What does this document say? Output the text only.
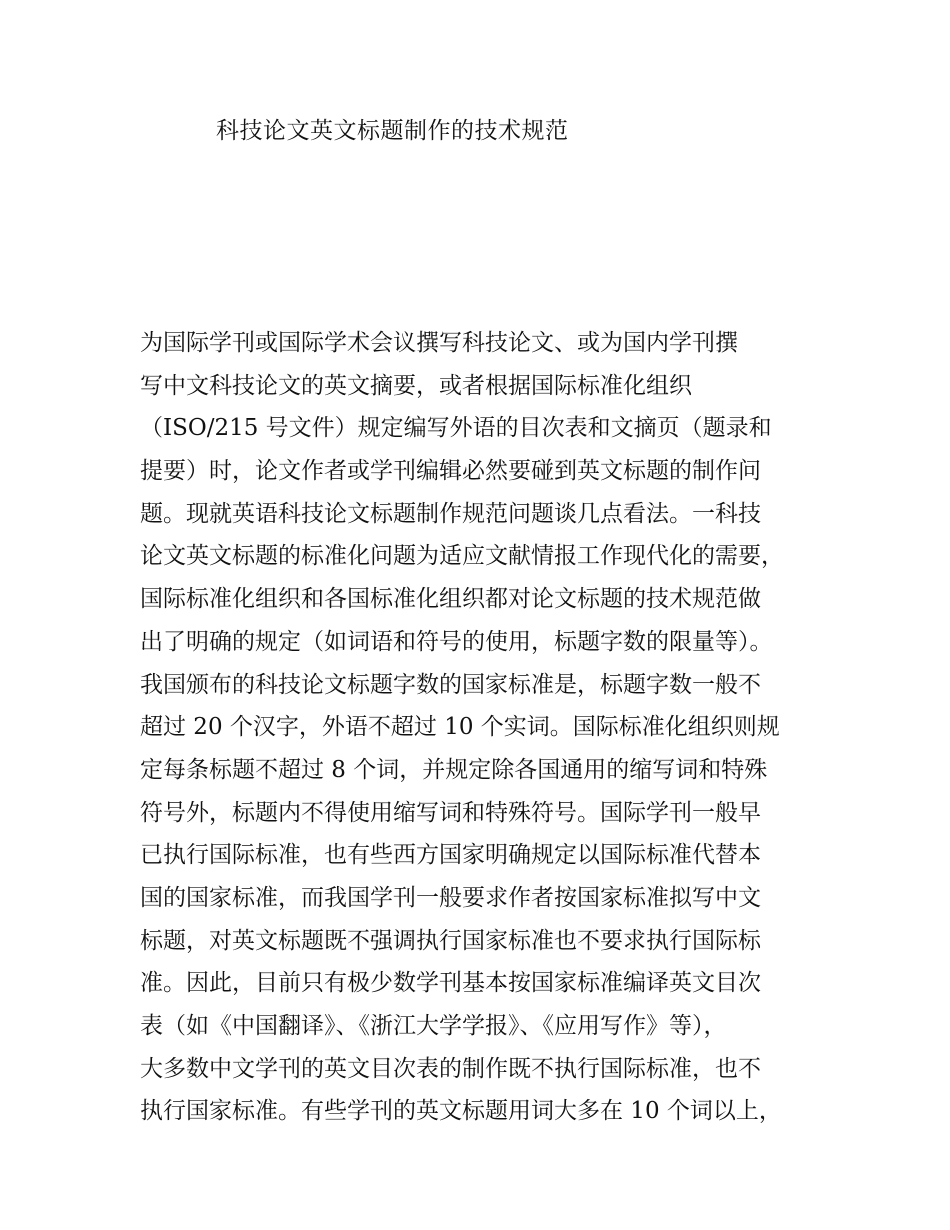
科技论文英文标题制作的技术规范
为国际学刊或国际学术会议撰写科技论文、或为国内学刊撰
写中文科技论文的英文摘要，或者根据国际标准化组织
（ISO/215 号文件）规定编写外语的目次表和文摘页（题录和
提要）时，论文作者或学刊编辑必然要碰到英文标题的制作问
题。现就英语科技论文标题制作规范问题谈几点看法。一科技
论文英文标题的标准化问题为适应文献情报工作现代化的需要，
国际标准化组织和各国标准化组织都对论文标题的技术规范做
出了明确的规定（如词语和符号的使用，标题字数的限量等）。
我国颁布的科技论文标题字数的国家标准是，标题字数一般不
超过 20 个汉字，外语不超过 10 个实词。国际标准化组织则规
定每条标题不超过 8 个词，并规定除各国通用的缩写词和特殊
符号外，标题内不得使用缩写词和特殊符号。国际学刊一般早
已执行国际标准，也有些西方国家明确规定以国际标准代替本
国的国家标准，而我国学刊一般要求作者按国家标准拟写中文
标题，对英文标题既不强调执行国家标准也不要求执行国际标
准。因此，目前只有极少数学刊基本按国家标准编译英文目次
表（如《中国翻译》、《浙江大学学报》、《应用写作》等），
大多数中文学刊的英文目次表的制作既不执行国际标准，也不
执行国家标准。有些学刊的英文标题用词大多在 10 个词以上，
